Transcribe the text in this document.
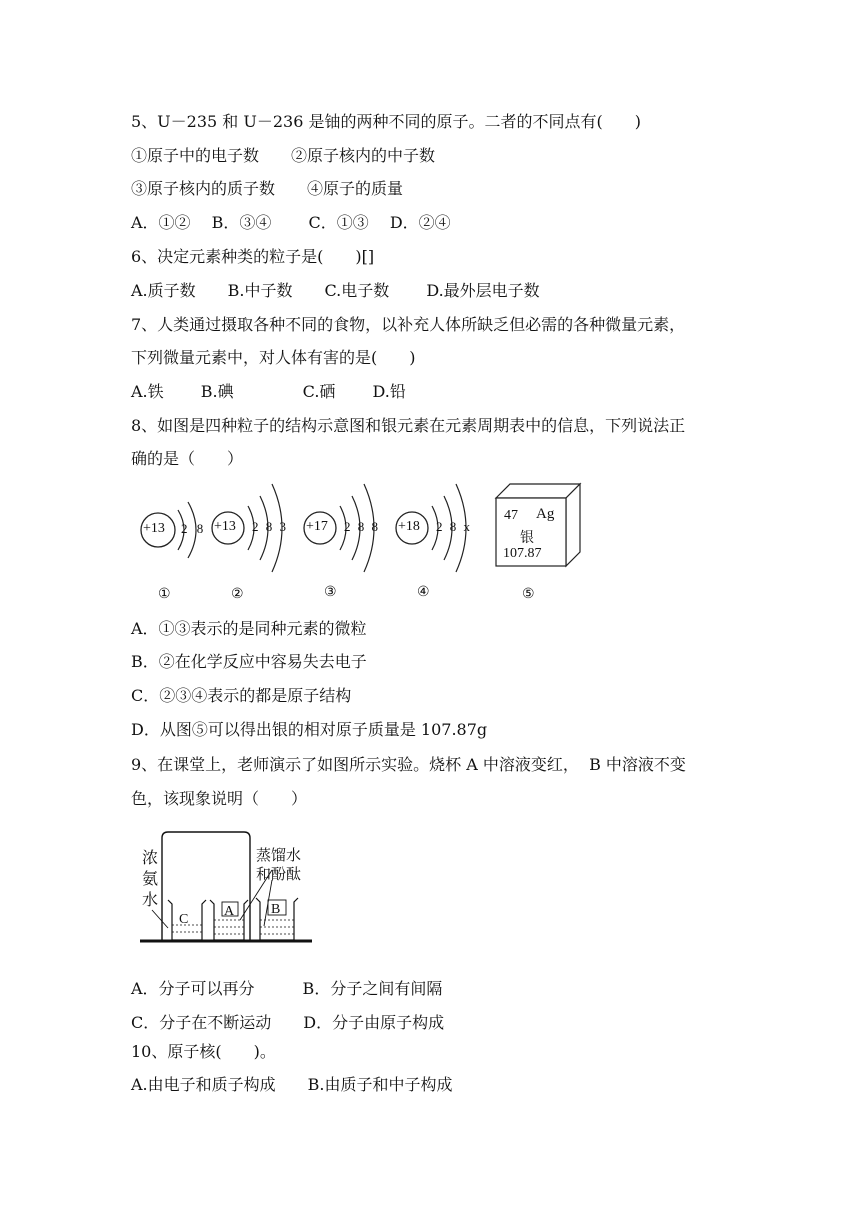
5、U－235 和 U－236 是铀的两种不同的原子。二者的不同点有(　　)
①原子中的电子数　　②原子核内的中子数
③原子核内的质子数　　④原子的质量
A．①②　 B．③④　　 C．①③　 D．②④
6、决定元素种类的粒子是(　　)[]
A.质子数　　B.中子数　　C.电子数　　 D.最外层电子数
7、人类通过摄取各种不同的食物，以补充人体所缺乏但必需的各种微量元素，
下列微量元素中，对人体有害的是(　　)
A.铁　　 B.碘　　　　 C.硒　　 D.铅
8、如图是四种粒子的结构示意图和银元素在元素周期表中的信息，下列说法正
确的是（　　）
+13 2 8
①
+13 2 8 3
②
+17 2 8 8
③
+18 2 8 x
④
47 Ag
银
107.87
⑤
A．①③表示的是同种元素的微粒
B．②在化学反应中容易失去电子
C．②③④表示的都是原子结构
D．从图⑤可以得出银的相对原子质量是 107.87g
9、在课堂上，老师演示了如图所示实验。烧杯 A 中溶液变红，  B 中溶液不变
色，该现象说明（　　）
浓
氨
水
蒸馏水
和酚酞
C
A	B
A．分子可以再分　　　B．分子之间有间隔
C．分子在不断运动　　D．分子由原子构成
10、原子核(　　)。
A.由电子和质子构成　　B.由质子和中子构成
